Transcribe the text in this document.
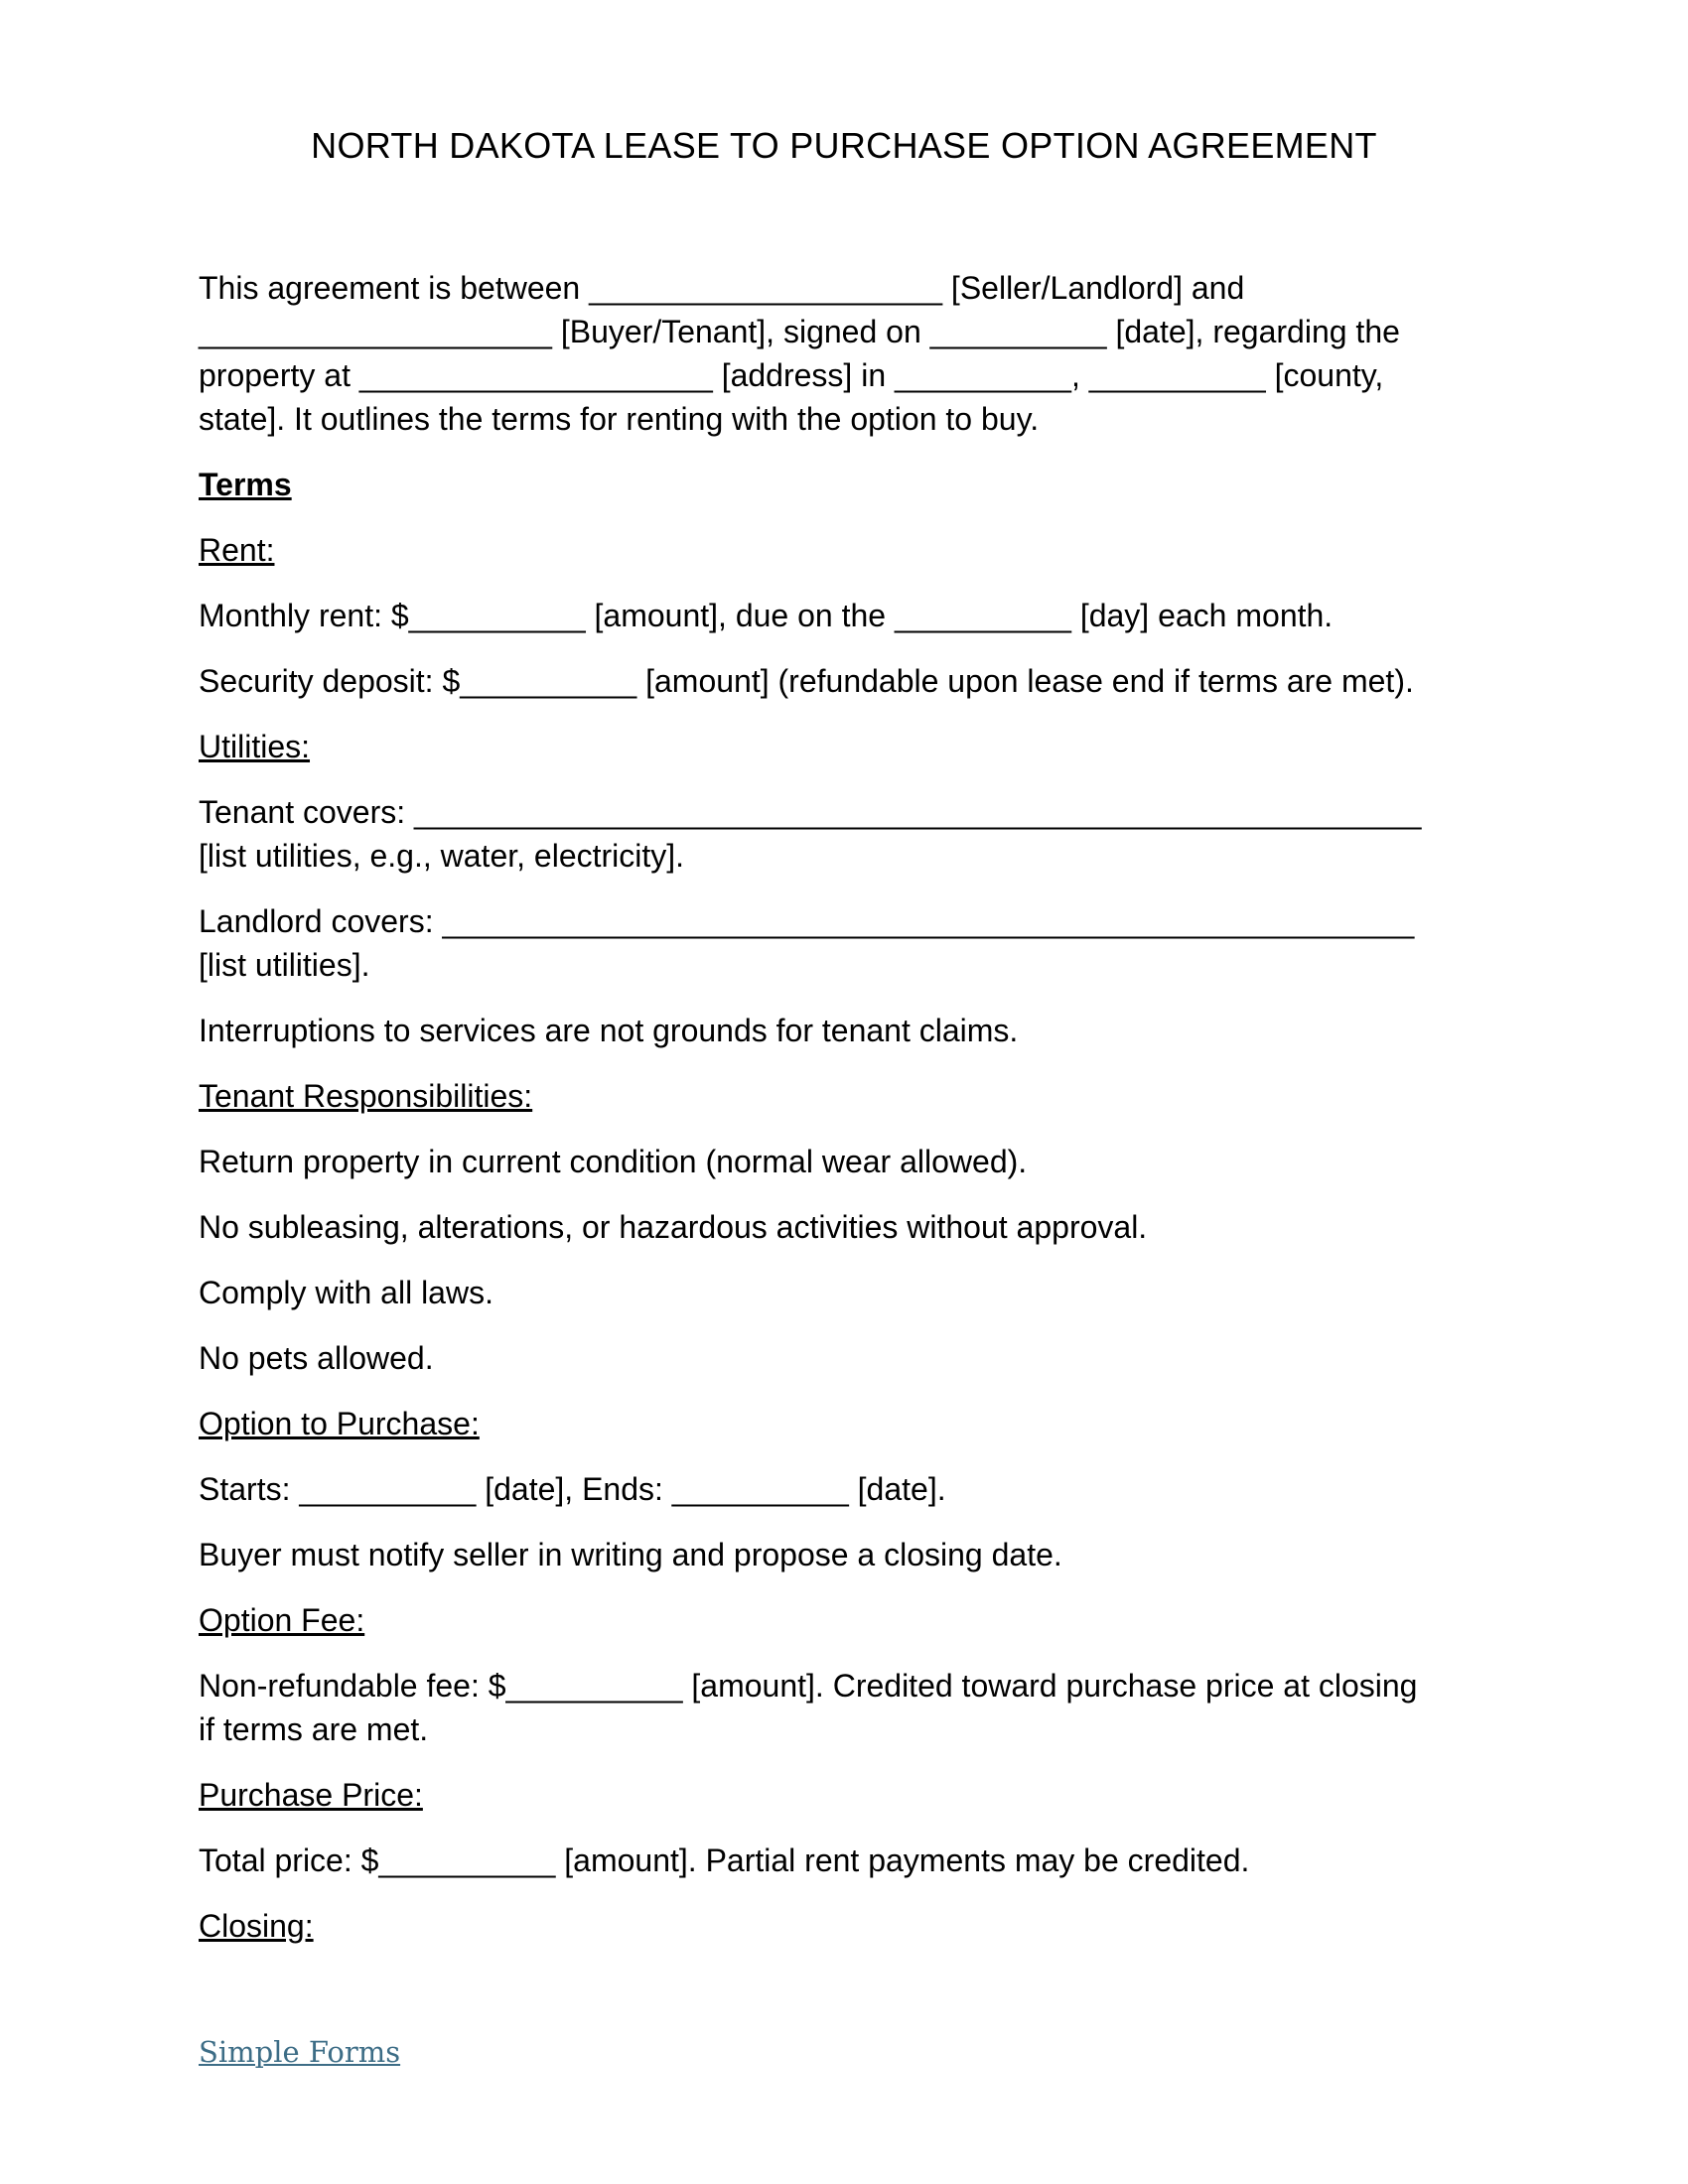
NORTH DAKOTA LEASE TO PURCHASE OPTION AGREEMENT
This agreement is between ____________________ [Seller/Landlord] and
____________________ [Buyer/Tenant], signed on __________ [date], regarding the
property at ____________________ [address] in __________, __________ [county,
state]. It outlines the terms for renting with the option to buy.
Terms
Rent:
Monthly rent: $__________ [amount], due on the __________ [day] each month.
Security deposit: $__________ [amount] (refundable upon lease end if terms are met).
Utilities:
Tenant covers: _________________________________________________________
[list utilities, e.g., water, electricity].
Landlord covers: _______________________________________________________
[list utilities].
Interruptions to services are not grounds for tenant claims.
Tenant Responsibilities:
Return property in current condition (normal wear allowed).
No subleasing, alterations, or hazardous activities without approval.
Comply with all laws.
No pets allowed.
Option to Purchase:
Starts: __________ [date], Ends: __________ [date].
Buyer must notify seller in writing and propose a closing date.
Option Fee:
Non-refundable fee: $__________ [amount]. Credited toward purchase price at closing
if terms are met.
Purchase Price:
Total price: $__________ [amount]. Partial rent payments may be credited.
Closing:
Simple Forms
